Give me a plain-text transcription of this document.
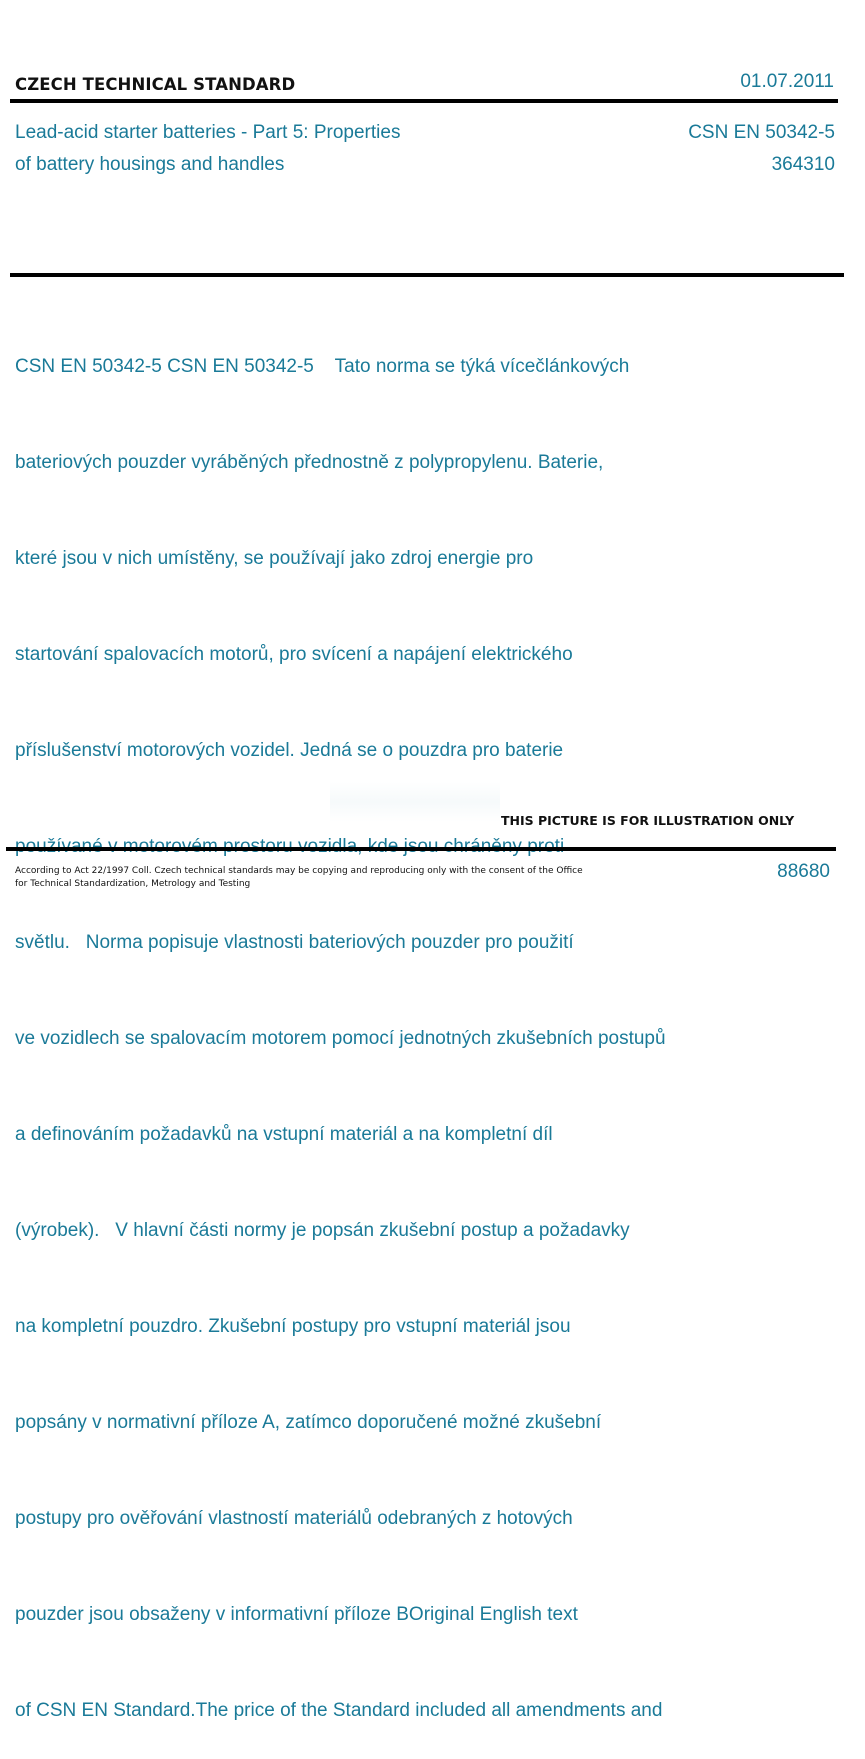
CZECH TECHNICAL STANDARD	01.07.2011
Lead-acid starter batteries - Part 5: Properties
of battery housings and handles
CSN EN 50342-5
364310

CSN EN 50342-5 CSN EN 50342-5    Tato norma se týká vícečlánkových

bateriových pouzder vyráběných přednostně z polypropylenu. Baterie,

které jsou v nich umístěny, se používají jako zdroj energie pro

startování spalovacích motorů, pro svícení a napájení elektrického

příslušenství motorových vozidel. Jedná se o pouzdra pro baterie

světlu.   Norma popisuje vlastnosti bateriových pouzder pro použití

ve vozidlech se spalovacím motorem pomocí jednotných zkušebních postupů

a definováním požadavků na vstupní materiál a na kompletní díl

(výrobek).   V hlavní části normy je popsán zkušební postup a požadavky

na kompletní pouzdro. Zkušební postupy pro vstupní materiál jsou

popsány v normativní příloze A, zatímco doporučené možné zkušební

postupy pro ověřování vlastností materiálů odebraných z hotových

pouzder jsou obsaženy v informativní příloze BOriginal English text

of CSN EN Standard.The price of the Standard included all amendments and

THIS PICTURE IS FOR ILLUSTRATION ONLY
According to Act 22/1997 Coll. Czech technical standards may be copying and reproducing only with the consent of the Office
for Technical Standardization, Metrology and Testing
88680
